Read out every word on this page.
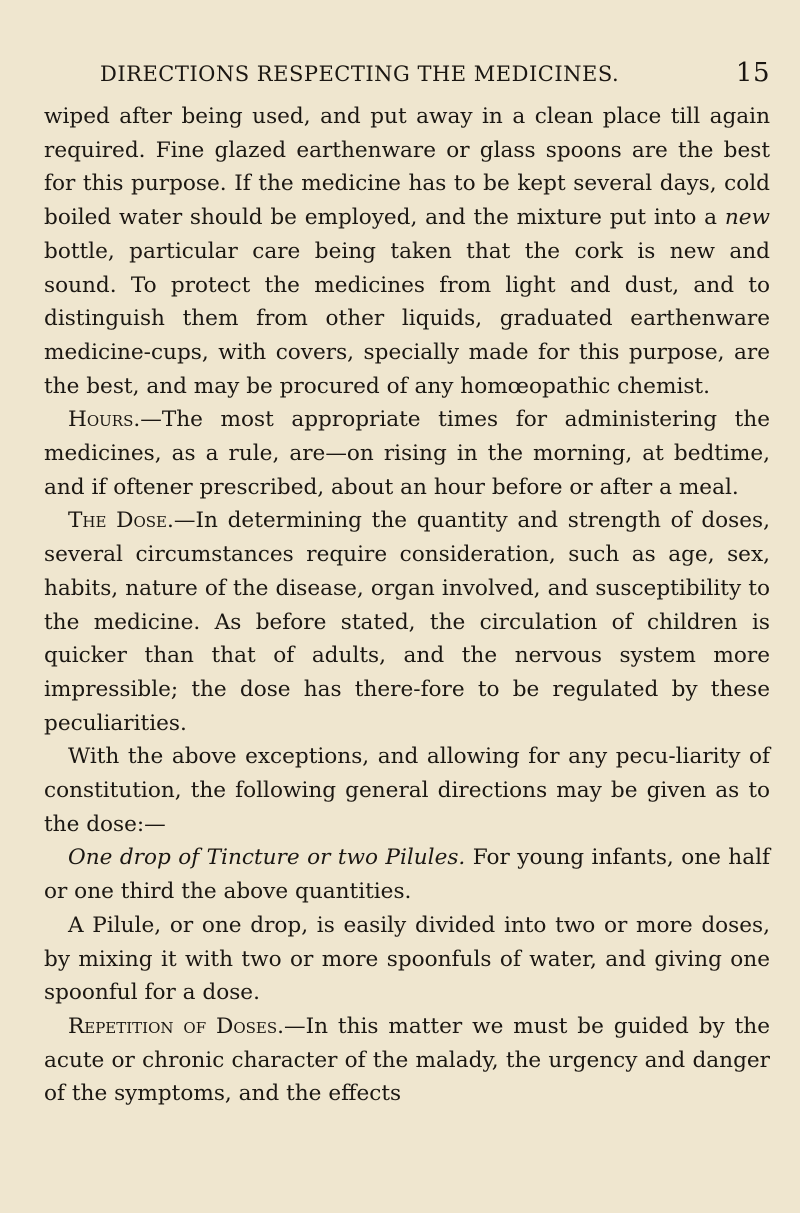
DIRECTIONS RESPECTING THE MEDICINES.	15

wiped after being used, and put away in a clean place till again required. Fine glazed earthenware or glass spoons are the best for this purpose. If the medicine has to be kept several days, cold boiled water should be employed, and the mixture put into a new bottle, particular care being taken that the cork is new and sound. To protect the medicines from light and dust, and to distinguish them from other liquids, graduated earthenware medicine-cups, with covers, specially made for this purpose, are the best, and may be procured of any homœopathic chemist.

Hours.—The most appropriate times for administering the medicines, as a rule, are—on rising in the morning, at bedtime, and if oftener prescribed, about an hour before or after a meal.

The Dose.—In determining the quantity and strength of doses, several circumstances require consideration, such as age, sex, habits, nature of the disease, organ involved, and susceptibility to the medicine. As before stated, the circulation of children is quicker than that of adults, and the nervous system more impressible; the dose has there-fore to be regulated by these peculiarities.

With the above exceptions, and allowing for any pecu-liarity of constitution, the following general directions may be given as to the dose:—

One drop of Tincture or two Pilules. For young infants, one half or one third the above quantities.

A Pilule, or one drop, is easily divided into two or more doses, by mixing it with two or more spoonfuls of water, and giving one spoonful for a dose.

Repetition of Doses.—In this matter we must be guided by the acute or chronic character of the malady, the urgency and danger of the symptoms, and the effects
